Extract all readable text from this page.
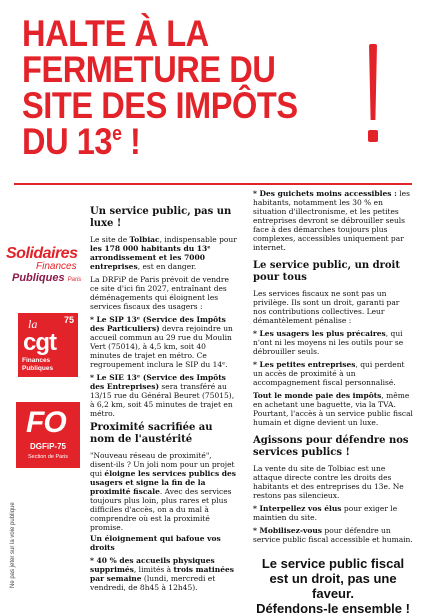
HALTE À LA
FERMETURE DU
SITE DES IMPÔTS
DU 13e !
Solidaires
Finances
Publiques Paris
75
la
cgt
Finances
Publiques
FO
DGFiP-75
Section de Paris
Ne pas jeter sur la voie publique
Un service public, pas un luxe !

Le site de Tolbiac, indispensable pour les 178 000 habitants du 13ᵉ arrondissement et les 7000 entreprises, est en danger.

La DRFiP de Paris prévoit de vendre ce site d'ici fin 2027, entraînant des déménagements qui éloignent les services fiscaux des usagers :

* Le SIP 13ᵉ (Service des Impôts des Particuliers) devra rejoindre un accueil commun au 29 rue du Moulin Vert (75014), à 4,5 km, soit 40 minutes de trajet en métro. Ce regroupement inclura le SIP du 14ᵉ.

* Le SIE 13ᵉ (Service des Impôts des Entreprises) sera transféré au 13/15 rue du Général Beuret (75015), à 6,2 km, soit 45 minutes de trajet en métro.

Proximité sacrifiée au nom de l'austérité

"Nouveau réseau de proximité", disent-ils ? Un joli nom pour un projet qui éloigne les services publics des usagers et signe la fin de la proximité fiscale. Avec des services toujours plus loin, plus rares et plus difficiles d'accès, on a du mal à comprendre où est la proximité promise.

Un éloignement qui bafoue vos droits

* 40 % des accueils physiques supprimés, limités à trois matinées par semaine (lundi, mercredi et vendredi, de 8h45 à 12h45).

* Des guichets moins accessibles : les habitants, notamment les 30 % en situation d'illectronisme, et les petites entreprises devront se débrouiller seuls face à des démarches toujours plus complexes, accessibles uniquement par internet.

Le service public, un droit pour tous

Les services fiscaux ne sont pas un privilège. Ils sont un droit, garanti par nos contributions collectives. Leur démantèlement pénalise :

* Les usagers les plus précaires, qui n'ont ni les moyens ni les outils pour se débrouiller seuls.

* Les petites entreprises, qui perdent un accès de proximité à un accompagnement fiscal personnalisé.

Tout le monde paie des impôts, même en achetant une baguette, via la TVA. Pourtant, l'accès à un service public fiscal humain et digne devient un luxe.

Agissons pour défendre nos services publics !

La vente du site de Tolbiac est une attaque directe contre les droits des habitants et des entreprises du 13e. Ne restons pas silencieux.

* Interpellez vos élus pour exiger le maintien du site.

* Mobilisez-vous pour défendre un service public fiscal accessible et humain.

Le service public fiscal est un droit, pas une faveur.
Défendons-le ensemble !
